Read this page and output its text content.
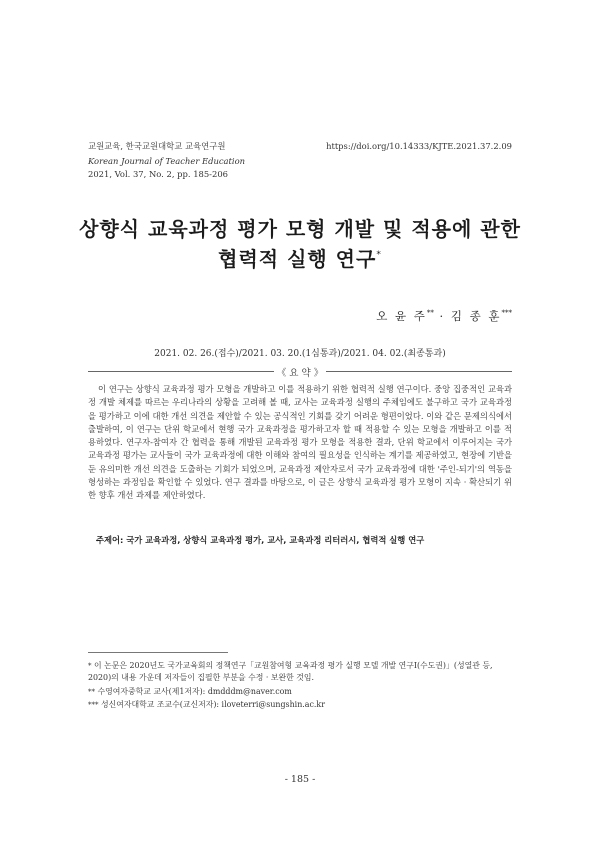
교원교육, 한국교원대학교 교육연구원
Korean Journal of Teacher Education
2021, Vol. 37, No. 2, pp. 185-206
https://doi.org/10.14333/KJTE.2021.37.2.09
상향식 교육과정 평가 모형 개발 및 적용에 관한
협력적 실행 연구*
오 윤 주** · 김 종 훈***
2021. 02. 26.(접수)/2021. 03. 20.(1심통과)/2021. 04. 02.(최종통과)
《 요 약 》
이 연구는 상향식 교육과정 평가 모형을 개발하고 이를 적용하기 위한 협력적 실행 연구이다. 중앙 집중적인 교육과정 개발 체제를 따르는 우리나라의 상황을 고려해 볼 때, 교사는 교육과정 실행의 주체임에도 불구하고 국가 교육과정을 평가하고 이에 대한 개선 의견을 제안할 수 있는 공식적인 기회를 갖기 어려운 형편이었다. 이와 같은 문제의식에서 출발하여, 이 연구는 단위 학교에서 현행 국가 교육과정을 평가하고자 할 때 적용할 수 있는 모형을 개발하고 이를 적용하였다. 연구자-참여자 간 협력을 통해 개발된 교육과정 평가 모형을 적용한 결과, 단위 학교에서 이루어지는 국가 교육과정 평가는 교사들이 국가 교육과정에 대한 이해와 참여의 필요성을 인식하는 계기를 제공하였고, 현장에 기반을 둔 유의미한 개선 의견을 도출하는 기회가 되었으며, 교육과정 제안자로서 국가 교육과정에 대한 '주인-되기'의 역동을 형성하는 과정임을 확인할 수 있었다. 연구 결과를 바탕으로, 이 글은 상향식 교육과정 평가 모형이 지속 · 확산되기 위한 향후 개선 과제를 제안하였다.
주제어: 국가 교육과정, 상향식 교육과정 평가, 교사, 교육과정 리터러시, 협력적 실행 연구
* 이 논문은 2020년도 국가교육회의 정책연구「교원참여형 교육과정 평가 실행 모델 개발 연구Ⅰ(수도권)」(성열관 등, 2020)의 내용 가운데 저자들이 집필한 부분을 수정 · 보완한 것임.
** 수영여자중학교 교사(제1저자): dmdddm@naver.com
*** 성신여자대학교 조교수(교신저자): iloveterri@sungshin.ac.kr
- 185 -
